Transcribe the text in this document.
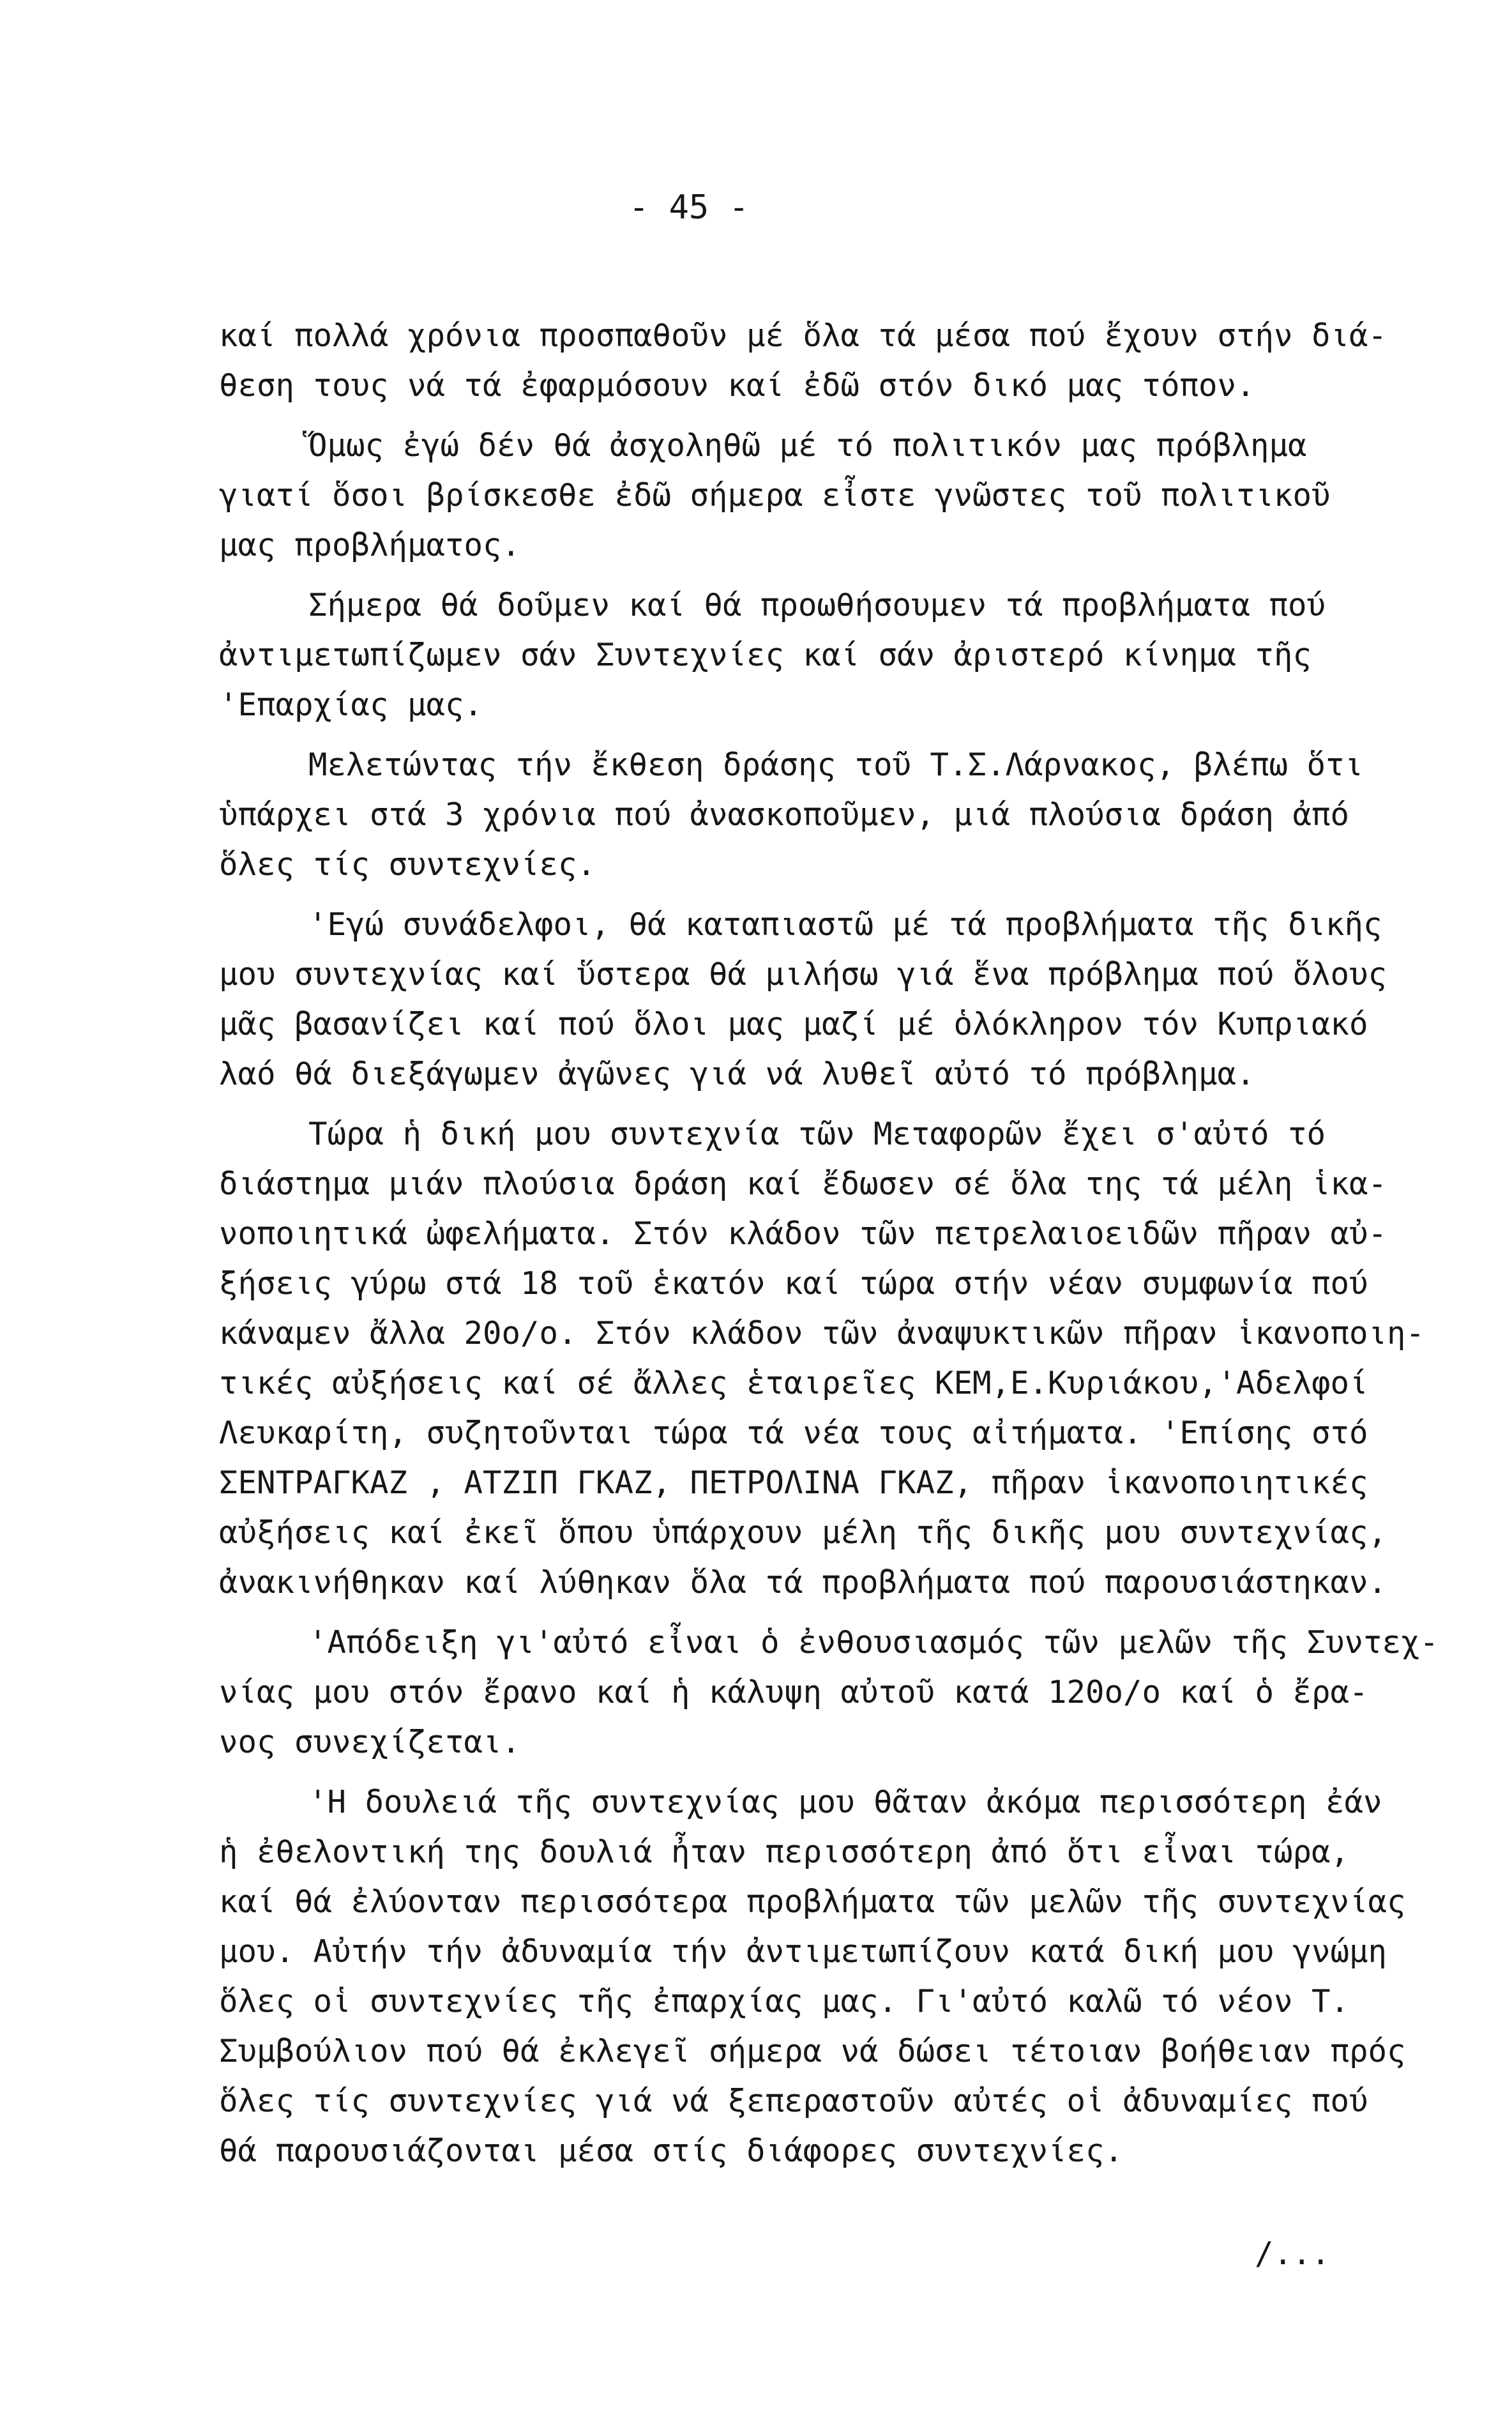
- 45 -
καί πολλά χρόνια προσπαθοῦν μέ ὅλα τά μέσα πού ἔχουν στήν διά-
θεση τους νά τά ἐφαρμόσουν καί ἐδῶ στόν δικό μας τόπον.
Ὅμως ἐγώ δέν θά ἀσχοληθῶ μέ τό πολιτικόν μας πρόβλημα
γιατί ὅσοι βρίσκεσθε ἐδῶ σήμερα εἶστε γνῶστες τοῦ πολιτικοῦ
μας προβλήματος.
Σήμερα θά δοῦμεν καί θά προωθήσουμεν τά προβλήματα πού
ἀντιμετωπίζωμεν σάν Συντεχνίες καί σάν ἀριστερό κίνημα τῆς
'Επαρχίας μας.
Μελετώντας τήν ἔκθεση δράσης τοῦ Τ.Σ.Λάρνακος, βλέπω ὅτι
ὑπάρχει στά 3 χρόνια πού ἀνασκοποῦμεν, μιά πλούσια δράση ἀπό
ὅλες τίς συντεχνίες.
'Εγώ συνάδελφοι, θά καταπιαστῶ μέ τά προβλήματα τῆς δικῆς
μου συντεχνίας καί ὕστερα θά μιλήσω γιά ἕνα πρόβλημα πού ὅλους
μᾶς βασανίζει καί πού ὅλοι μας μαζί μέ ὁλόκληρον τόν Κυπριακό
λαό θά διεξάγωμεν ἀγῶνες γιά νά λυθεῖ αὐτό τό πρόβλημα.
Τώρα ἡ δική μου συντεχνία τῶν Μεταφορῶν ἔχει σ'αὐτό τό
διάστημα μιάν πλούσια δράση καί ἔδωσεν σέ ὅλα της τά μέλη ἱκα-
νοποιητικά ὠφελήματα. Στόν κλάδον τῶν πετρελαιοειδῶν πῆραν αὐ-
ξήσεις γύρω στά 18 τοῦ ἑκατόν καί τώρα στήν νέαν συμφωνία πού
κάναμεν ἄλλα 20ο/ο. Στόν κλάδον τῶν ἀναψυκτικῶν πῆραν ἱκανοποιη-
τικές αὐξήσεις καί σέ ἄλλες ἑταιρεῖες ΚΕΜ,Ε.Κυριάκου,'Αδελφοί
Λευκαρίτη, συζητοῦνται τώρα τά νέα τους αἰτήματα. 'Επίσης στό
ΣΕΝΤΡΑΓΚΑΖ , ΑΤΖΙΠ ΓΚΑΖ, ΠΕΤΡΟΛΙΝΑ ΓΚΑΖ, πῆραν ἱκανοποιητικές
αὐξήσεις καί ἐκεῖ ὅπου ὑπάρχουν μέλη τῆς δικῆς μου συντεχνίας,
ἀνακινήθηκαν καί λύθηκαν ὅλα τά προβλήματα πού παρουσιάστηκαν.
'Απόδειξη γι'αὐτό εἶναι ὁ ἐνθουσιασμός τῶν μελῶν τῆς Συντεχ-
νίας μου στόν ἔρανο καί ἡ κάλυψη αὐτοῦ κατά 120ο/ο καί ὁ ἔρα-
νος συνεχίζεται.
'Η δουλειά τῆς συντεχνίας μου θᾶταν ἀκόμα περισσότερη ἐάν
ἡ ἐθελοντική της δουλιά ἦταν περισσότερη ἀπό ὅτι εἶναι τώρα,
καί θά ἐλύονταν περισσότερα προβλήματα τῶν μελῶν τῆς συντεχνίας
μου. Αὐτήν τήν ἀδυναμία τήν ἀντιμετωπίζουν κατά δική μου γνώμη
ὅλες οἱ συντεχνίες τῆς ἐπαρχίας μας. Γι'αὐτό καλῶ τό νέον Τ.
Συμβούλιον πού θά ἐκλεγεῖ σήμερα νά δώσει τέτοιαν βοήθειαν πρός
ὅλες τίς συντεχνίες γιά νά ξεπεραστοῦν αὐτές οἱ ἀδυναμίες πού
θά παρουσιάζονται μέσα στίς διάφορες συντεχνίες.
/...
